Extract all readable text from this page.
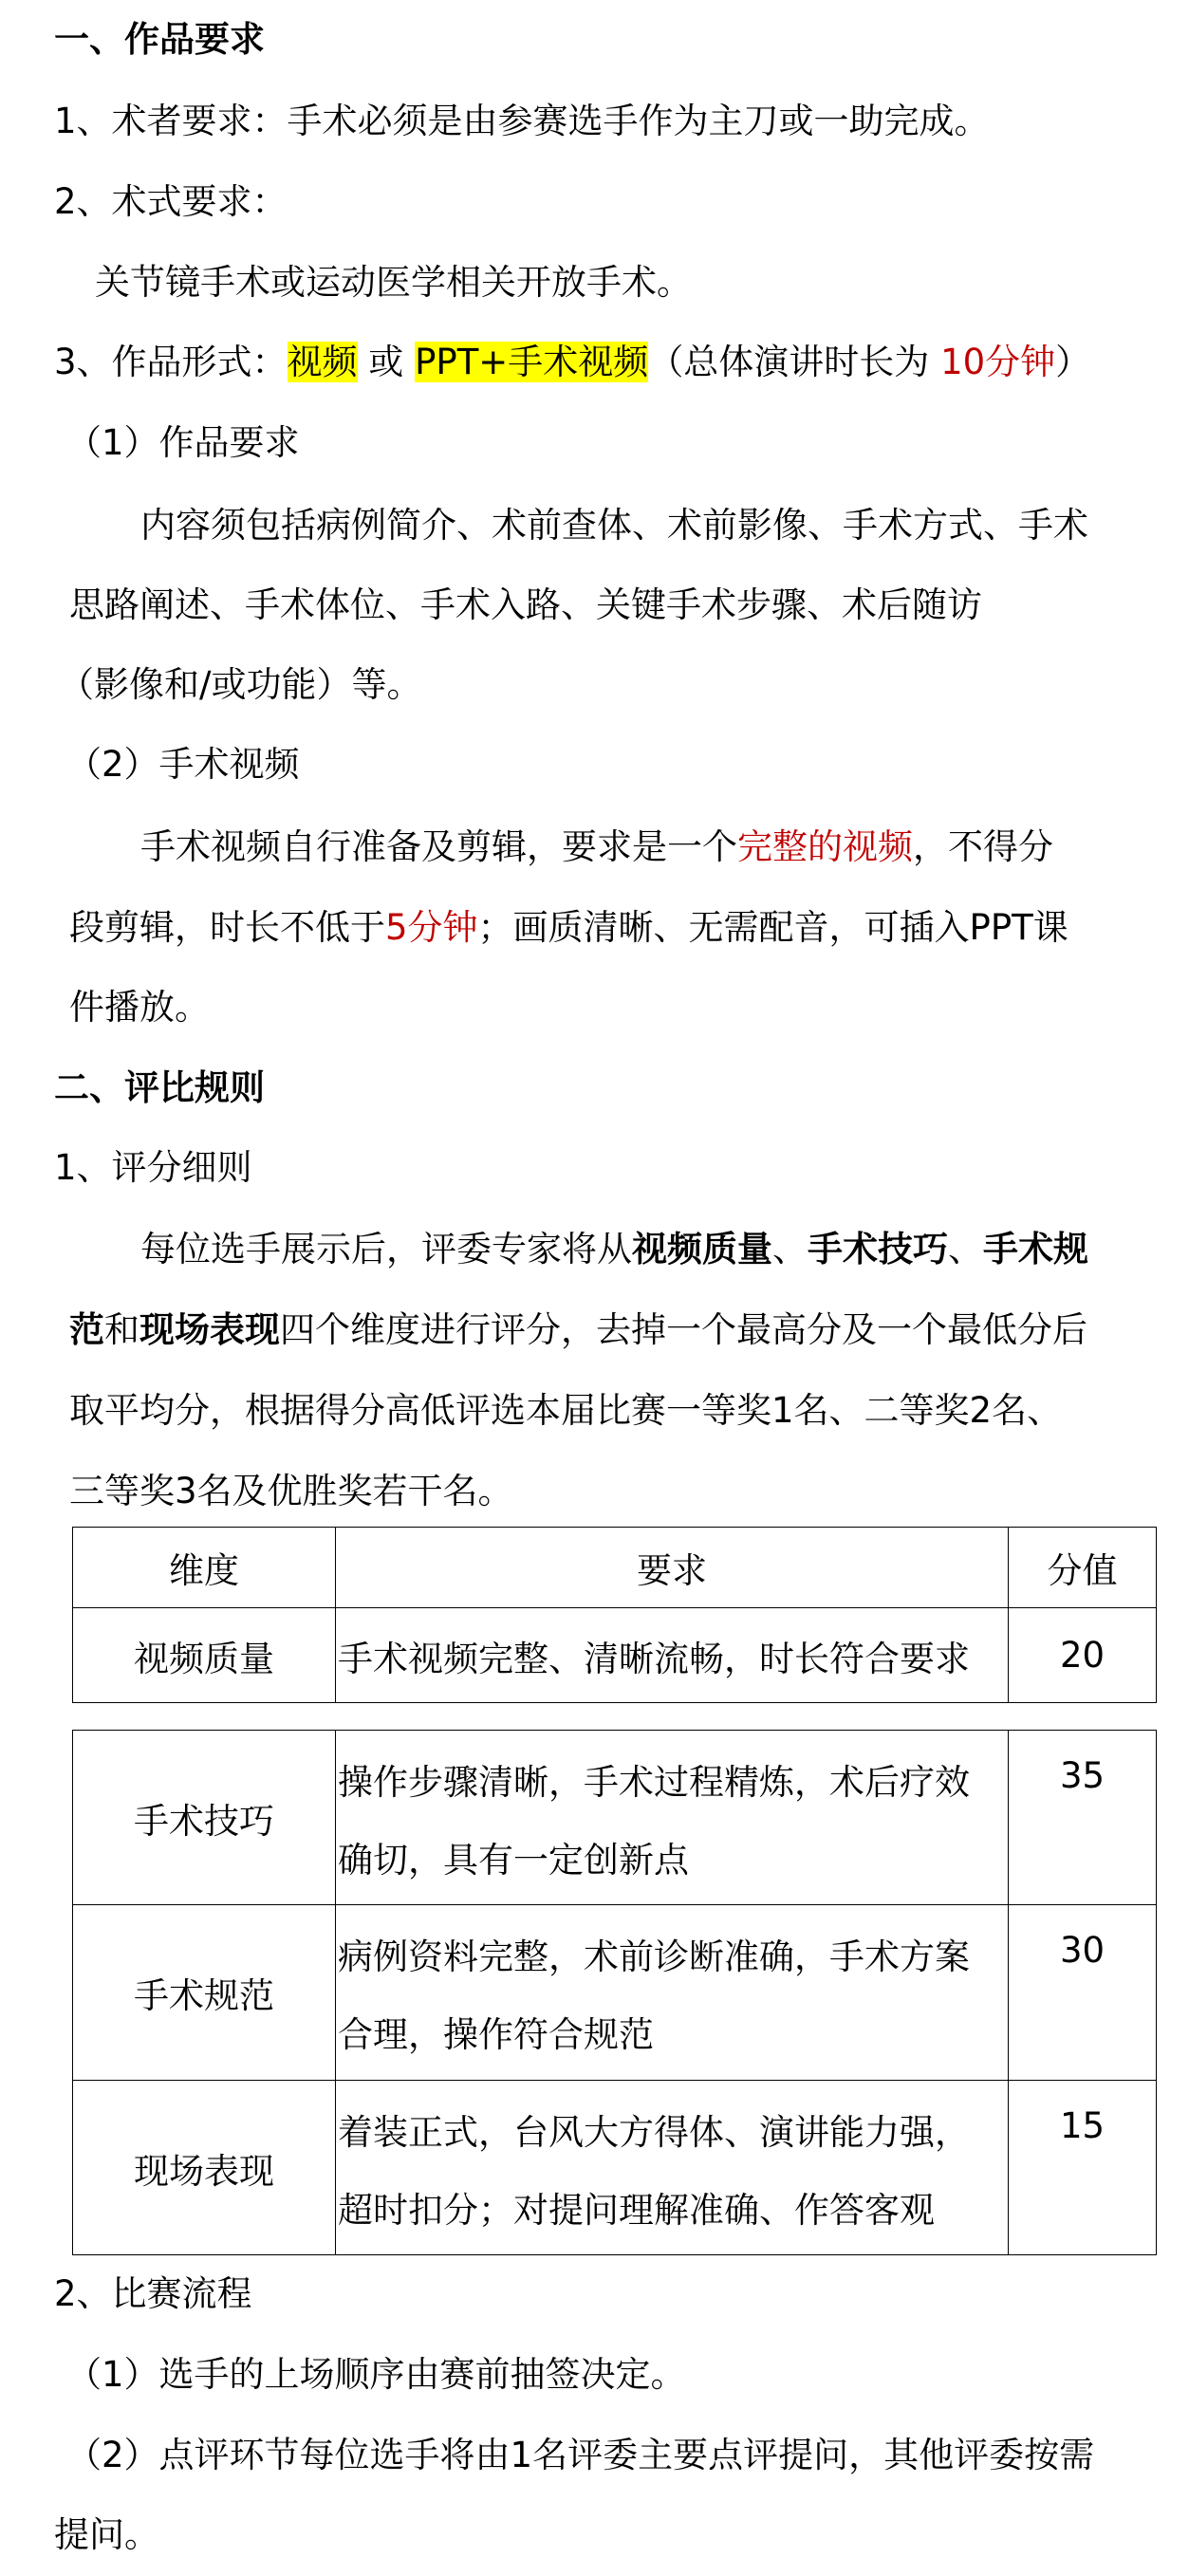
一、作品要求
1、术者要求：手术必须是由参赛选手作为主刀或一助完成。
2、术式要求：
关节镜手术或运动医学相关开放手术。
3、作品形式：视频 或 PPT+手术视频（总体演讲时长为 10分钟）
（1）作品要求
内容须包括病例简介、术前查体、术前影像、手术方式、手术
思路阐述、手术体位、手术入路、关键手术步骤、术后随访
（影像和/或功能）等。
（2）手术视频
手术视频自行准备及剪辑，要求是一个完整的视频，不得分
段剪辑，时长不低于5分钟；画质清晰、无需配音，可插入PPT课
件播放。
二、评比规则
1、评分细则
每位选手展示后，评委专家将从视频质量、手术技巧、手术规
范和现场表现四个维度进行评分，去掉一个最高分及一个最低分后
取平均分，根据得分高低评选本届比赛一等奖1名、二等奖2名、
三等奖3名及优胜奖若干名。
维度	要求	分值
视频质量	手术视频完整、清晰流畅，时长符合要求	20
手术技巧	操作步骤清晰，手术过程精炼，术后疗效
确切，具有一定创新点	35
手术规范	病例资料完整，术前诊断准确，手术方案
合理，操作符合规范	30
现场表现	着装正式，台风大方得体、演讲能力强，
超时扣分；对提问理解准确、作答客观	15
2、比赛流程
（1）选手的上场顺序由赛前抽签决定。
（2）点评环节每位选手将由1名评委主要点评提问，其他评委按需
提问。
